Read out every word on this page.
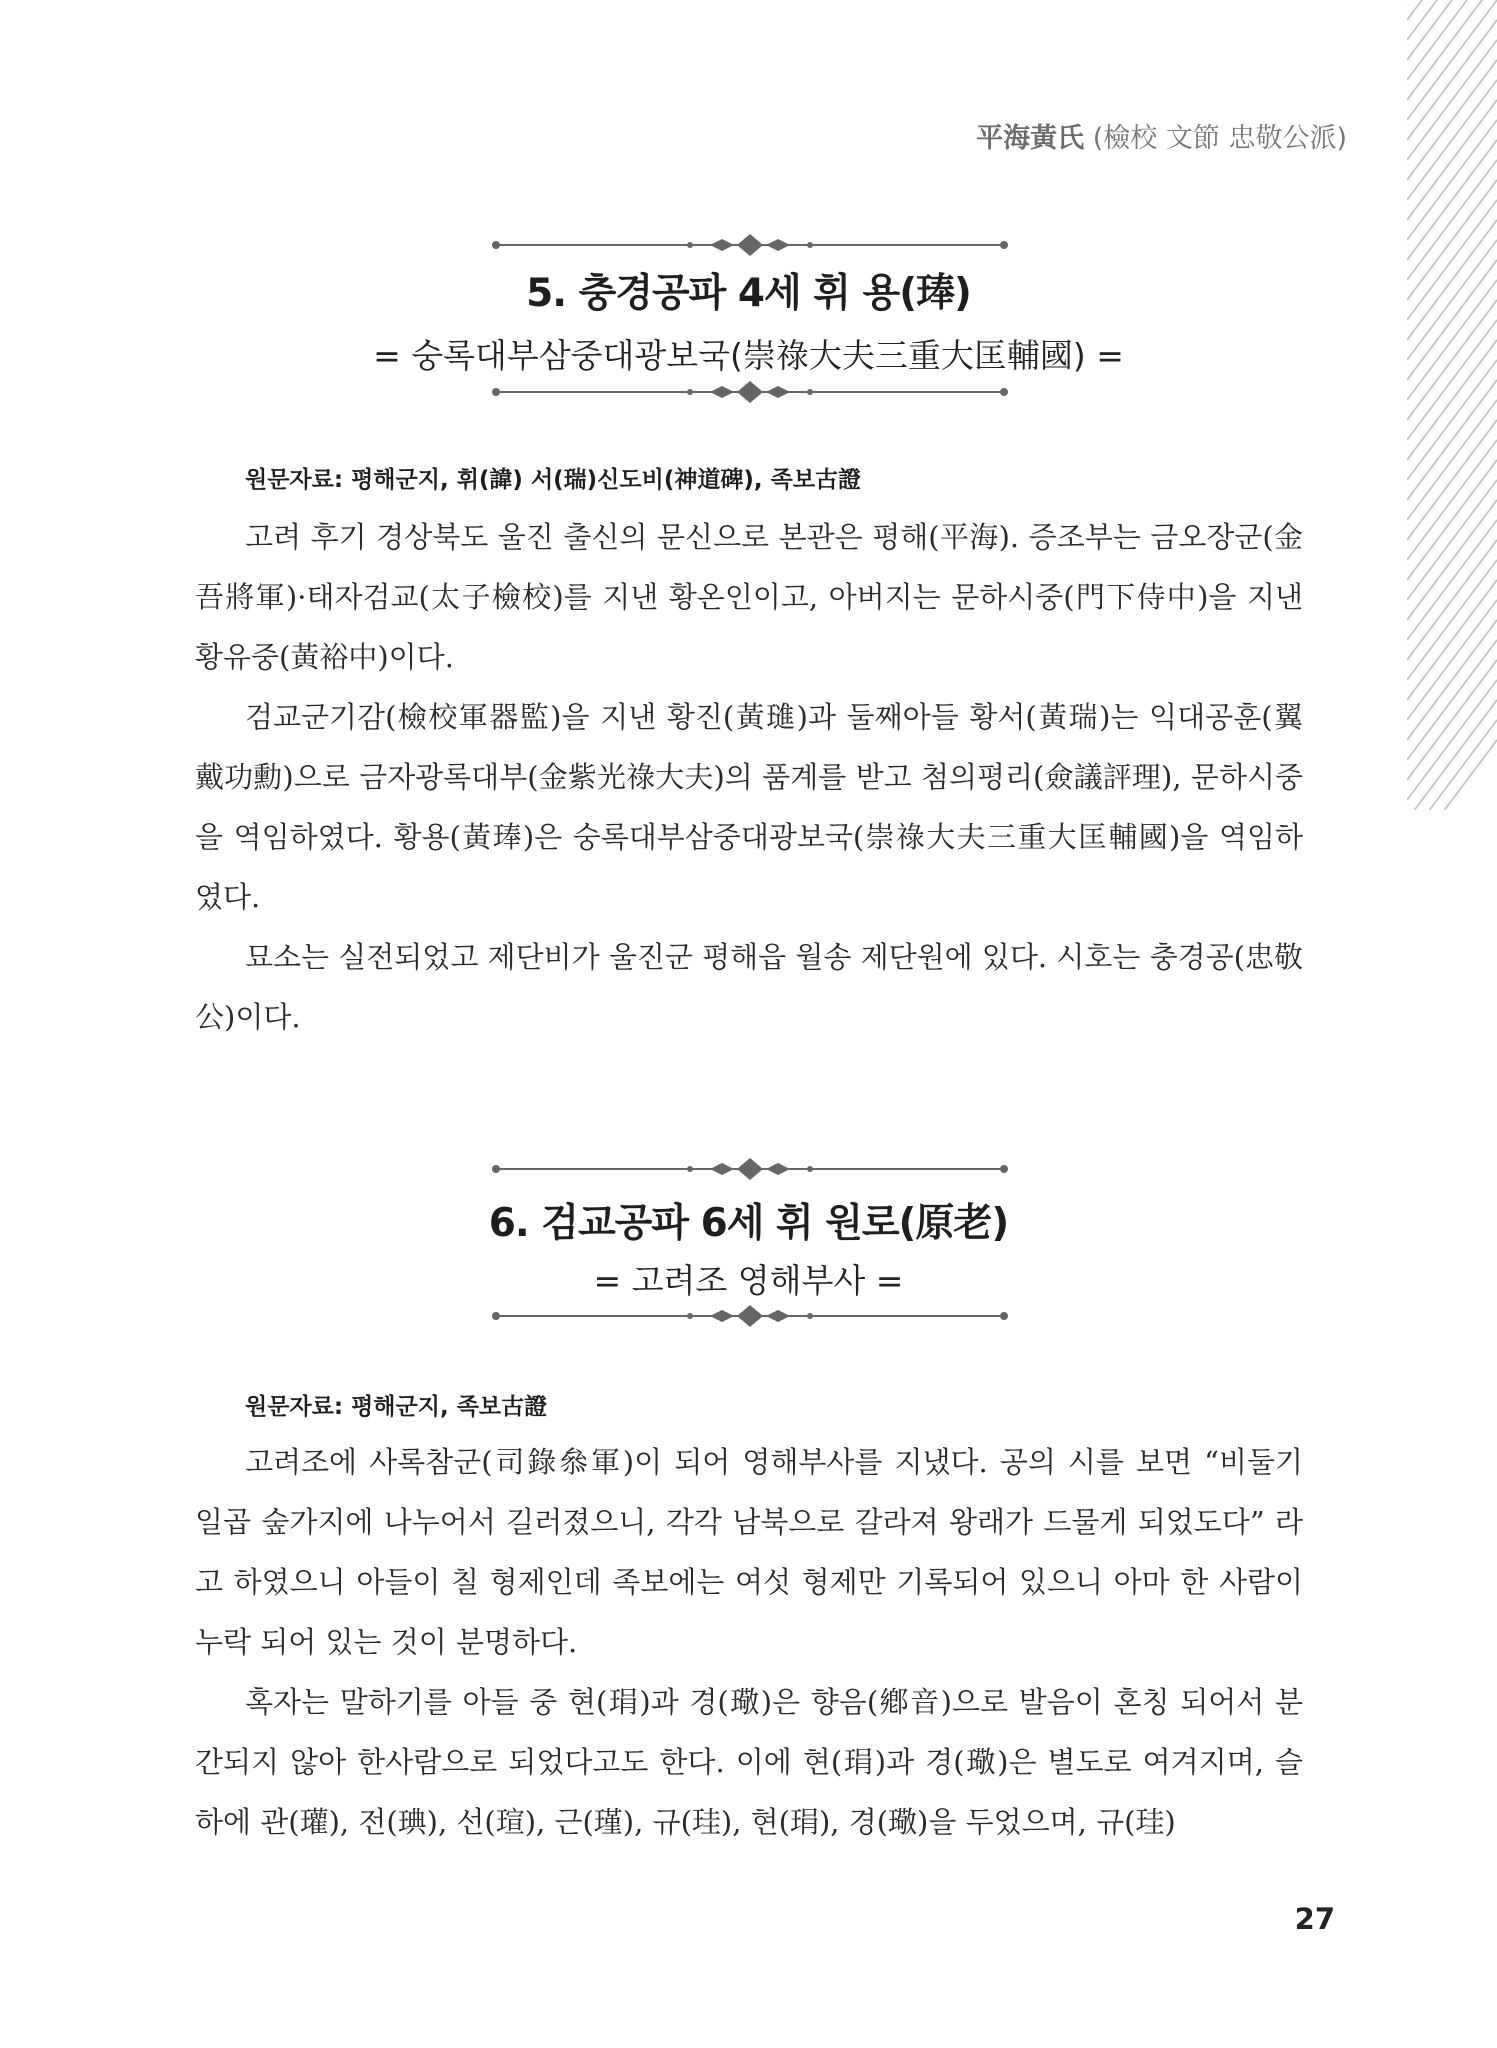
平海黃氏 (檢校 文節 忠敬公派)
5. 충경공파 4세 휘 용(琫)
= 숭록대부삼중대광보국(崇祿大夫三重大匡輔國) =
원문자료: 평해군지, 휘(諱) 서(瑞)신도비(神道碑), 족보古證

고려 후기 경상북도 울진 출신의 문신으로 본관은 평해(平海). 증조부는 금오장군(金吾將軍)·태자검교(太子檢校)를 지낸 황온인이고, 아버지는 문하시중(門下侍中)을 지낸 황유중(黃裕中)이다.

검교군기감(檢校軍器監)을 지낸 황진(黃璡)과 둘째아들 황서(黃瑞)는 익대공훈(翼戴功勳)으로 금자광록대부(金紫光祿大夫)의 품계를 받고 첨의평리(僉議評理), 문하시중을 역임하였다. 황용(黃琫)은 숭록대부삼중대광보국(崇祿大夫三重大匡輔國)을 역임하였다.

묘소는 실전되었고 제단비가 울진군 평해읍 월송 제단원에 있다. 시호는 충경공(忠敬公)이다.

6. 검교공파 6세 휘 원로(原老)
= 고려조 영해부사 =
원문자료: 평해군지, 족보古證

고려조에 사록참군(司錄叅軍)이 되어 영해부사를 지냈다. 공의 시를 보면 “비둘기 일곱 숲가지에 나누어서 길러졌으니, 각각 남북으로 갈라져 왕래가 드물게 되었도다” 라고 하였으니 아들이 칠 형제인데 족보에는 여섯 형제만 기록되어 있으니 아마 한 사람이 누락 되어 있는 것이 분명하다.

혹자는 말하기를 아들 중 현(琄)과 경(璥)은 향음(鄕音)으로 발음이 혼칭 되어서 분간되지 않아 한사람으로 되었다고도 한다. 이에 현(琄)과 경(璥)은 별도로 여겨지며, 슬하에 관(瓘), 전(琠), 선(瑄), 근(瑾), 규(珪), 현(琄), 경(璥)을 두었으며, 규(珪)

27
